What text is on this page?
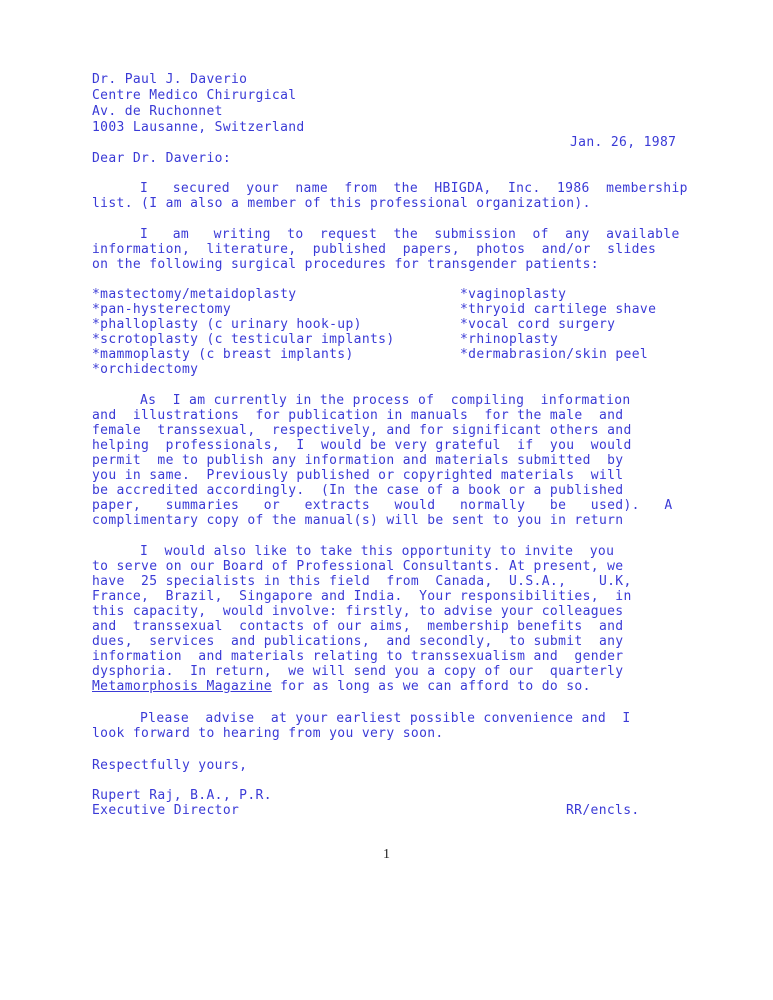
Dr. Paul J. Daverio
Centre Medico Chirurgical
Av. de Ruchonnet
1003 Lausanne, Switzerland
Jan. 26, 1987
Dear Dr. Daverio:
I   secured  your  name  from  the  HBIGDA,  Inc.  1986  membership
list. (I am also a member of this professional organization).
I   am   writing  to  request  the  submission  of  any  available
information,  literature,  published  papers,  photos  and/or  slides
on the following surgical procedures for transgender patients:
*mastectomy/metaidoplasty
*pan-hysterectomy
*phalloplasty (c urinary hook-up)
*scrotoplasty (c testicular implants)
*mammoplasty (c breast implants)
*orchidectomy
*vaginoplasty
*thryoid cartilege shave
*vocal cord surgery
*rhinoplasty
*dermabrasion/skin peel
As  I am currently in the process of  compiling  information
and  illustrations  for publication in manuals  for the male  and
female  transsexual,  respectively, and for significant others and
helping  professionals,  I  would be very grateful  if  you  would
permit  me to publish any information and materials submitted  by
you in same.  Previously published or copyrighted materials  will
be accredited accordingly.  (In the case of a book or a published
paper,   summaries   or   extracts   would   normally   be   used).   A
complimentary copy of the manual(s) will be sent to you in return
I  would also like to take this opportunity to invite  you
to serve on our Board of Professional Consultants. At present, we
have  25 specialists in this field  from  Canada,  U.S.A.,    U.K,
France,  Brazil,  Singapore and India.  Your responsibilities,  in
this capacity,  would involve: firstly, to advise your colleagues
and  transsexual  contacts of our aims,  membership benefits  and
dues,  services  and publications,  and secondly,  to submit  any
information  and materials relating to transsexualism and  gender
dysphoria.  In return,  we will send you a copy of our  quarterly
Metamorphosis Magazine for as long as we can afford to do so.
Please  advise  at your earliest possible convenience and  I
look forward to hearing from you very soon.
Respectfully yours,
Rupert Raj, B.A., P.R.
Executive Director	RR/encls.
1
